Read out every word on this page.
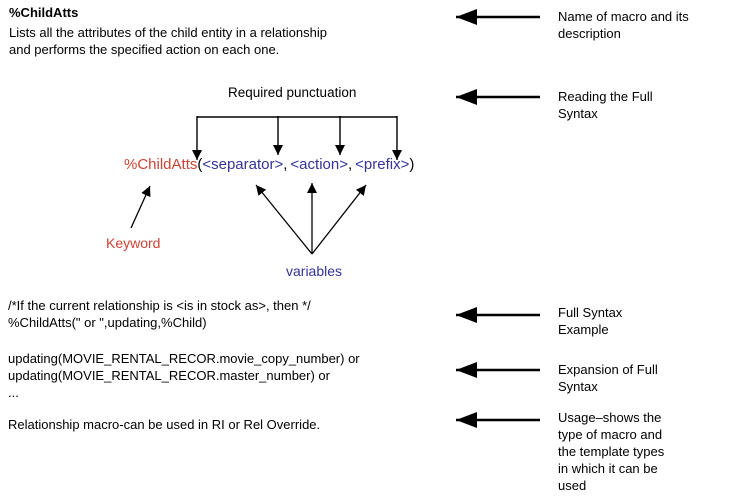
%ChildAtts
Lists all the attributes of the child entity in a relationship
and performs the specified action on each one.
Required punctuation
%ChildAtts(<separator>, <action>, <prefix>)
Keyword
variables
/*If the current relationship is <is in stock as>, then */
%ChildAtts(" or ",updating,%Child)
updating(MOVIE_RENTAL_RECOR.movie_copy_number) or
updating(MOVIE_RENTAL_RECOR.master_number) or
...
Relationship macro-can be used in RI or Rel Override.
Name of macro and its
description
Reading the Full
Syntax
Full Syntax
Example
Expansion of Full
Syntax
Usage–shows the
type of macro and
the template types
in which it can be
used
